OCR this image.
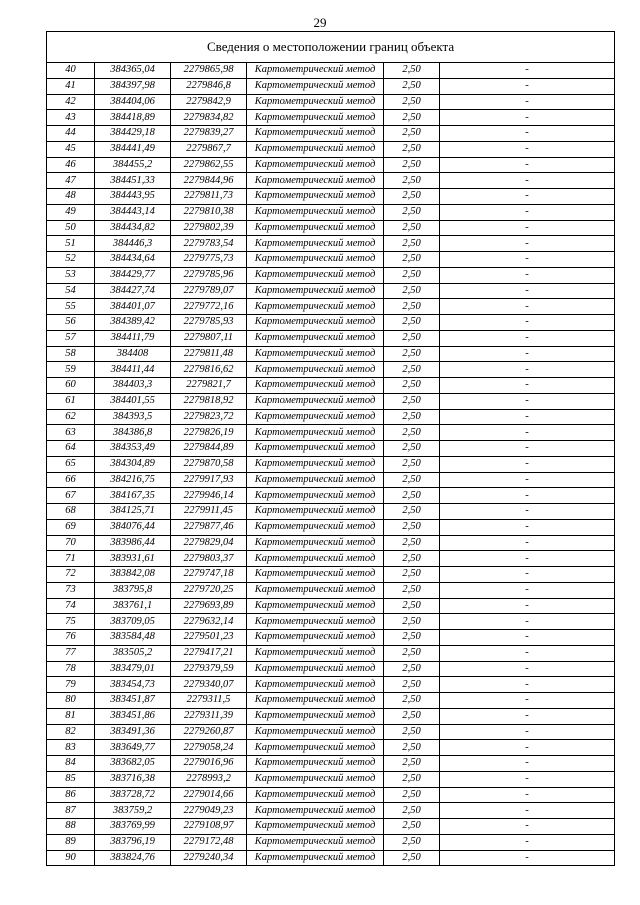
29
Сведения о местоположении границ объекта					
40	384365,04	2279865,98	Картометрический метод	2,50	-
41	384397,98	2279846,8	Картометрический метод	2,50	-
42	384404,06	2279842,9	Картометрический метод	2,50	-
43	384418,89	2279834,82	Картометрический метод	2,50	-
44	384429,18	2279839,27	Картометрический метод	2,50	-
45	384441,49	2279867,7	Картометрический метод	2,50	-
46	384455,2	2279862,55	Картометрический метод	2,50	-
47	384451,33	2279844,96	Картометрический метод	2,50	-
48	384443,95	2279811,73	Картометрический метод	2,50	-
49	384443,14	2279810,38	Картометрический метод	2,50	-
50	384434,82	2279802,39	Картометрический метод	2,50	-
51	384446,3	2279783,54	Картометрический метод	2,50	-
52	384434,64	2279775,73	Картометрический метод	2,50	-
53	384429,77	2279785,96	Картометрический метод	2,50	-
54	384427,74	2279789,07	Картометрический метод	2,50	-
55	384401,07	2279772,16	Картометрический метод	2,50	-
56	384389,42	2279785,93	Картометрический метод	2,50	-
57	384411,79	2279807,11	Картометрический метод	2,50	-
58	384408	2279811,48	Картометрический метод	2,50	-
59	384411,44	2279816,62	Картометрический метод	2,50	-
60	384403,3	2279821,7	Картометрический метод	2,50	-
61	384401,55	2279818,92	Картометрический метод	2,50	-
62	384393,5	2279823,72	Картометрический метод	2,50	-
63	384386,8	2279826,19	Картометрический метод	2,50	-
64	384353,49	2279844,89	Картометрический метод	2,50	-
65	384304,89	2279870,58	Картометрический метод	2,50	-
66	384216,75	2279917,93	Картометрический метод	2,50	-
67	384167,35	2279946,14	Картометрический метод	2,50	-
68	384125,71	2279911,45	Картометрический метод	2,50	-
69	384076,44	2279877,46	Картометрический метод	2,50	-
70	383986,44	2279829,04	Картометрический метод	2,50	-
71	383931,61	2279803,37	Картометрический метод	2,50	-
72	383842,08	2279747,18	Картометрический метод	2,50	-
73	383795,8	2279720,25	Картометрический метод	2,50	-
74	383761,1	2279693,89	Картометрический метод	2,50	-
75	383709,05	2279632,14	Картометрический метод	2,50	-
76	383584,48	2279501,23	Картометрический метод	2,50	-
77	383505,2	2279417,21	Картометрический метод	2,50	-
78	383479,01	2279379,59	Картометрический метод	2,50	-
79	383454,73	2279340,07	Картометрический метод	2,50	-
80	383451,87	2279311,5	Картометрический метод	2,50	-
81	383451,86	2279311,39	Картометрический метод	2,50	-
82	383491,36	2279260,87	Картометрический метод	2,50	-
83	383649,77	2279058,24	Картометрический метод	2,50	-
84	383682,05	2279016,96	Картометрический метод	2,50	-
85	383716,38	2278993,2	Картометрический метод	2,50	-
86	383728,72	2279014,66	Картометрический метод	2,50	-
87	383759,2	2279049,23	Картометрический метод	2,50	-
88	383769,99	2279108,97	Картометрический метод	2,50	-
89	383796,19	2279172,48	Картометрический метод	2,50	-
90	383824,76	2279240,34	Картометрический метод	2,50	-
